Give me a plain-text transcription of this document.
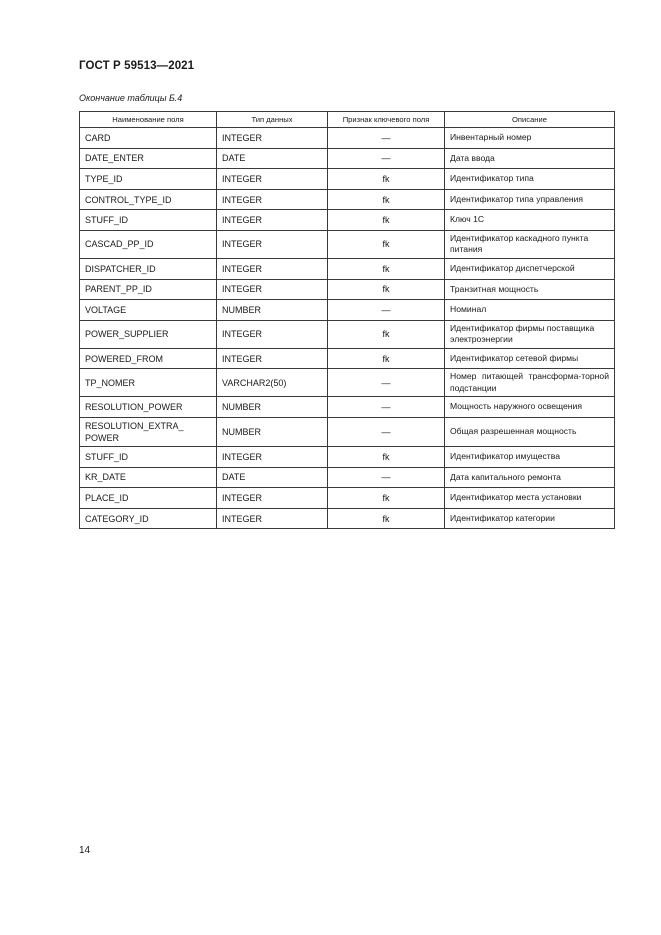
ГОСТ Р 59513—2021
Окончание таблицы Б.4
Наименование поля	Тип данных	Признак ключевого поля	Описание
CARD	INTEGER	—	Инвентарный номер
DATE_ENTER	DATE	—	Дата ввода
TYPE_ID	INTEGER	fk	Идентификатор типа
CONTROL_TYPE_ID	INTEGER	fk	Идентификатор типа управления
STUFF_ID	INTEGER	fk	Ключ 1С
CASCAD_PP_ID	INTEGER	fk	Идентификатор каскадного пункта питания
DISPATCHER_ID	INTEGER	fk	Идентификатор диспетчерской
PARENT_PP_ID	INTEGER	fk	Транзитная мощность
VOLTAGE	NUMBER	—	Номинал
POWER_SUPPLIER	INTEGER	fk	Идентификатор фирмы поставщика электроэнергии
POWERED_FROM	INTEGER	fk	Идентификатор сетевой фирмы
TP_NOMER	VARCHAR2(50)	—	Номер питающей трансформа-торной подстанции
RESOLUTION_POWER	NUMBER	—	Мощность наружного освещения
RESOLUTION_EXTRA_ POWER	NUMBER	—	Общая разрешенная мощность
STUFF_ID	INTEGER	fk	Идентификатор имущества
KR_DATE	DATE	—	Дата капитального ремонта
PLACE_ID	INTEGER	fk	Идентификатор места установки
CATEGORY_ID	INTEGER	fk	Идентификатор категории
14
